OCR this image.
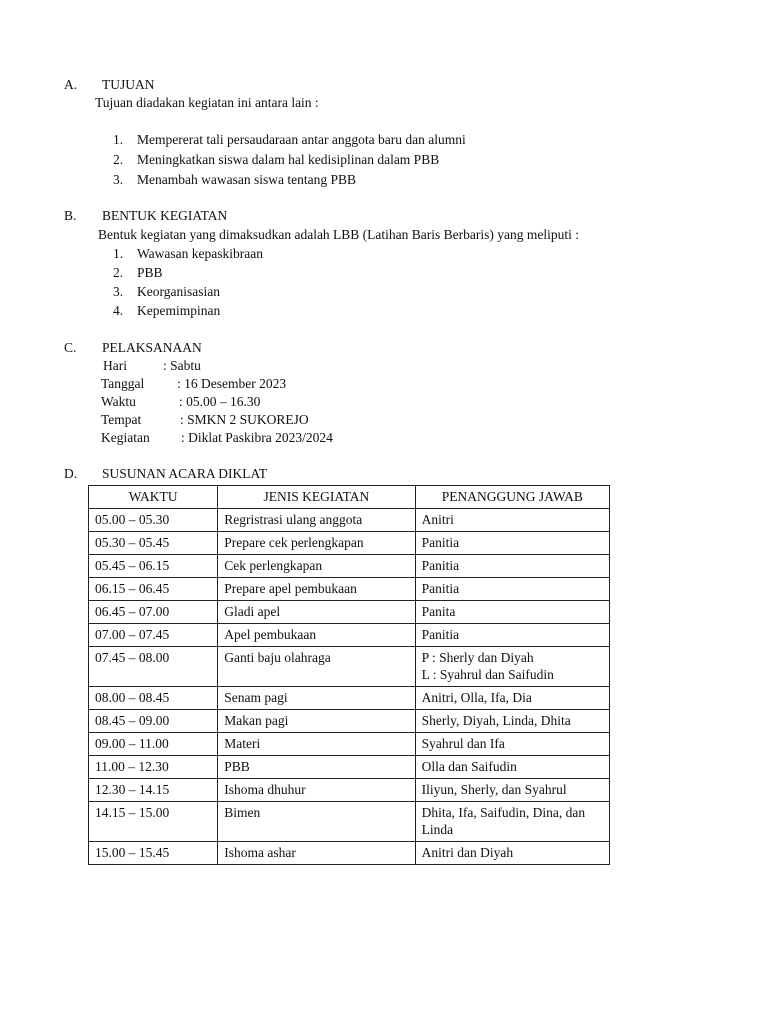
A. TUJUAN
Tujuan diadakan kegiatan ini antara lain :
1. Mempererat tali persaudaraan antar anggota baru dan alumni
2. Meningkatkan siswa dalam hal kedisiplinan dalam PBB
3. Menambah wawasan siswa tentang PBB
B. BENTUK KEGIATAN
Bentuk kegiatan yang dimaksudkan adalah LBB (Latihan Baris Berbaris) yang meliputi :
1. Wawasan kepaskibraan
2. PBB
3. Keorganisasian
4. Kepemimpinan
C. PELAKSANAAN
Hari	: Sabtu
Tanggal : 16 Desember 2023
Waktu	: 05.00 – 16.30
Tempat	: SMKN 2 SUKOREJO
Kegiatan : Diklat Paskibra 2023/2024
D. SUSUNAN ACARA DIKLAT
WAKTU	JENIS KEGIATAN	PENANGGUNG JAWAB
05.00 – 05.30	Regristrasi ulang anggota	Anitri
05.30 – 05.45	Prepare cek perlengkapan	Panitia
05.45 – 06.15	Cek perlengkapan	Panitia
06.15 – 06.45	Prepare apel pembukaan	Panitia
06.45 – 07.00	Gladi apel	Panita
07.00 – 07.45	Apel pembukaan	Panitia
07.45 – 08.00	Ganti baju olahraga	P : Sherly dan Diyah
L : Syahrul dan Saifudin
08.00 – 08.45	Senam pagi	Anitri, Olla, Ifa, Dia
08.45 – 09.00	Makan pagi	Sherly, Diyah, Linda, Dhita
09.00 – 11.00	Materi	Syahrul dan Ifa
11.00 – 12.30	PBB	Olla dan Saifudin
12.30 – 14.15	Ishoma dhuhur	Iliyun, Sherly, dan Syahrul
14.15 – 15.00	Bimen	Dhita, Ifa, Saifudin, Dina, dan
Linda
15.00 – 15.45	Ishoma ashar	Anitri dan Diyah
